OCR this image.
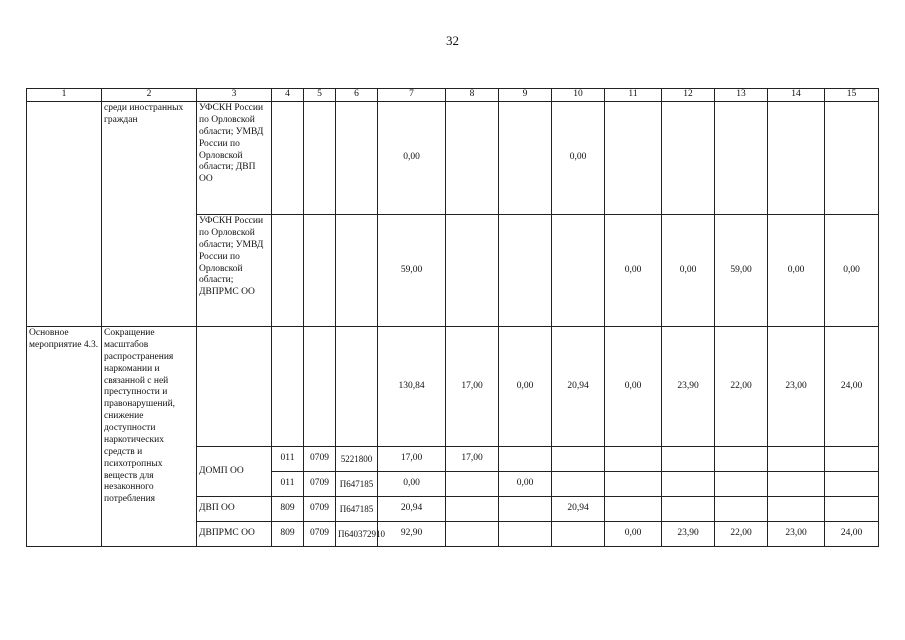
32
1	2	3	4	5	6	7	8	9	10	11	12	13	14	15
	среди иностранных граждан	УФСКН России по Орловской области; УМВД России по Орловской области; ДВП ОО				0,00			0,00					
		УФСКН России по Орловской области; УМВД России по Орловской области; ДВПРМС ОО				59,00				0,00	0,00	59,00	0,00	0,00
Основное мероприятие 4.3.	Сокращение масштабов распространения наркомании и связанной с ней преступности и правонарушений, снижение доступности наркотических средств и психотропных веществ для незаконного потребления					130,84	17,00	0,00	20,94	0,00	23,90	22,00	23,00	24,00
		ДОМП ОО	011	0709	5221800	17,00	17,00							
			011	0709	П647185	0,00		0,00						
		ДВП ОО	809	0709	П647185	20,94			20,94					
		ДВПРМС ОО	809	0709	П640372910	92,90				0,00	23,90	22,00	23,00	24,00
